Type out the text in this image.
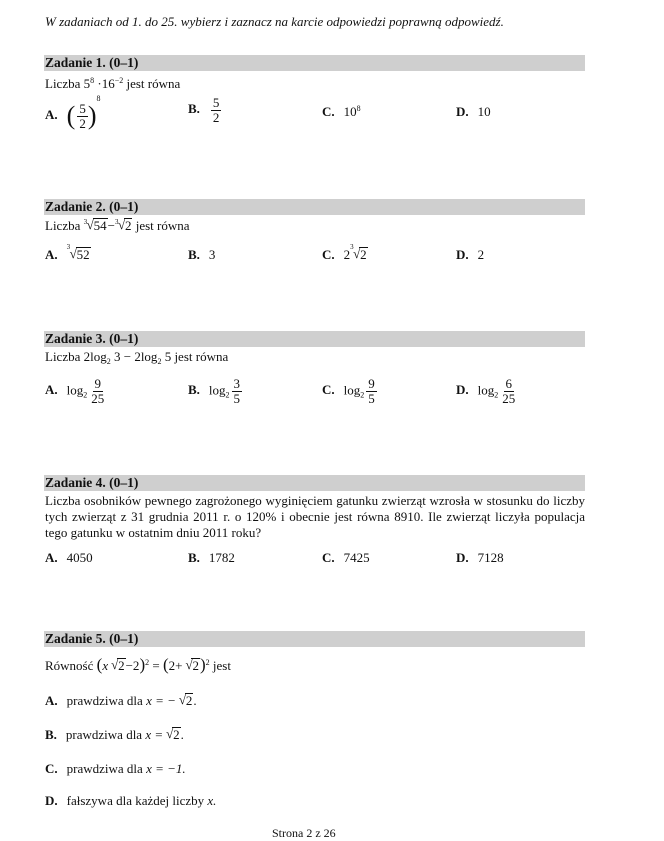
W zadaniach od 1. do 25. wybierz i zaznacz na karcie odpowiedzi poprawną odpowiedź.
Zadanie 1. (0–1)
Liczba $5^8 \cdot 16^{-2}$ jest równa
A. ( $\frac{5}{2} )^8$
B. $\frac{5}{2}$	C. $10^8$	D. 10
Zadanie 2. (0–1)
Liczba 3 √ 54− 3 √ 2 jest równa
A. 3 √ 52	B. 3	C. 2 3 √ 2	D. 2
Zadanie 3. (0–1)
Liczba $2\log_2$ $3 - 2\log_2$ 5 jest równa
A. $\log_2 \frac{9}{25}$	B. $\log_2 \frac{3}{5}$	C. $\log_2 \frac{9}{5}$	D. $\log_2 \frac{6}{25}$
Zadanie 4. (0–1)
Liczba osobników pewnego zagrożonego wyginięciem gatunku zwierząt wzrosła w stosunku do liczby tych zwierząt z 31 grudnia 2011 r. o 120% i obecnie jest równa 8910. Ile zwierząt liczyła populacja tego gatunku w ostatnim dniu 2011 roku?
A. 4050	B. 1782	C. 7425	D. 7128
Zadanie 5. (0–1)
Równość (x √ 2−2)$^2$ = (2+ √ 2)$^2$ jest
A. prawdziwa dla x = − √ 2.
B. prawdziwa dla x = √ 2.
C. prawdziwa dla x = −1.
D. fałszywa dla każdej liczby x.
Strona 2 z 26
